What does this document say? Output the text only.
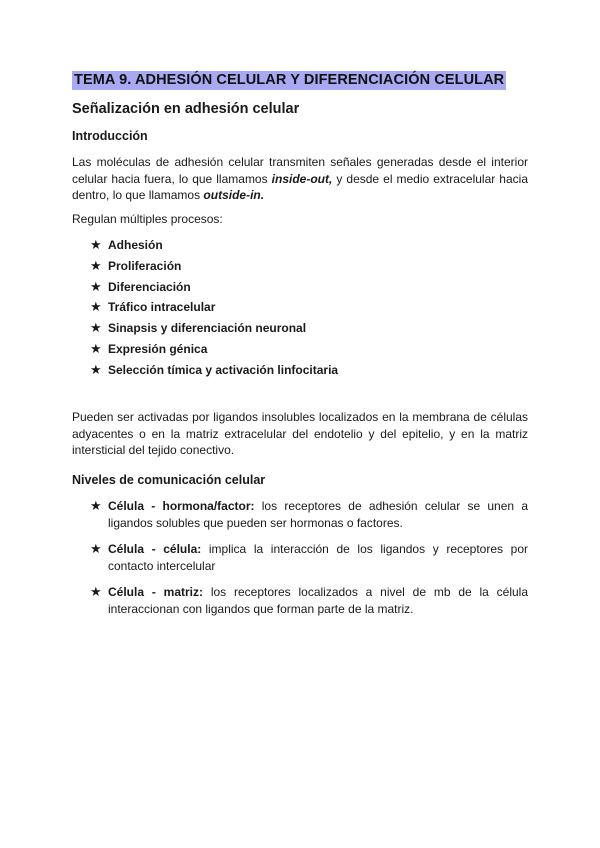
TEMA 9. ADHESIÓN CELULAR Y DIFERENCIACIÓN CELULAR
Señalización en adhesión celular
Introducción

Las moléculas de adhesión celular transmiten señales generadas desde el interior celular hacia fuera, lo que llamamos inside-out, y desde el medio extracelular hacia dentro, lo que llamamos outside-in.

Regulan múltiples procesos:

★ Adhesión
★ Proliferación
★ Diferenciación
★ Tráfico intracelular
★ Sinapsis y diferenciación neuronal
★ Expresión génica
★ Selección tímica y activación linfocitaria

Pueden ser activadas por ligandos insolubles localizados en la membrana de células adyacentes o en la matriz extracelular del endotelio y del epitelio, y en la matriz intersticial del tejido conectivo.

Niveles de comunicación celular
★ Célula - hormona/factor: los receptores de adhesión celular se unen a ligandos solubles que pueden ser hormonas o factores.
★ Célula - célula: implica la interacción de los ligandos y receptores por contacto intercelular
★ Célula - matriz: los receptores localizados a nivel de mb de la célula interaccionan con ligandos que forman parte de la matriz.
